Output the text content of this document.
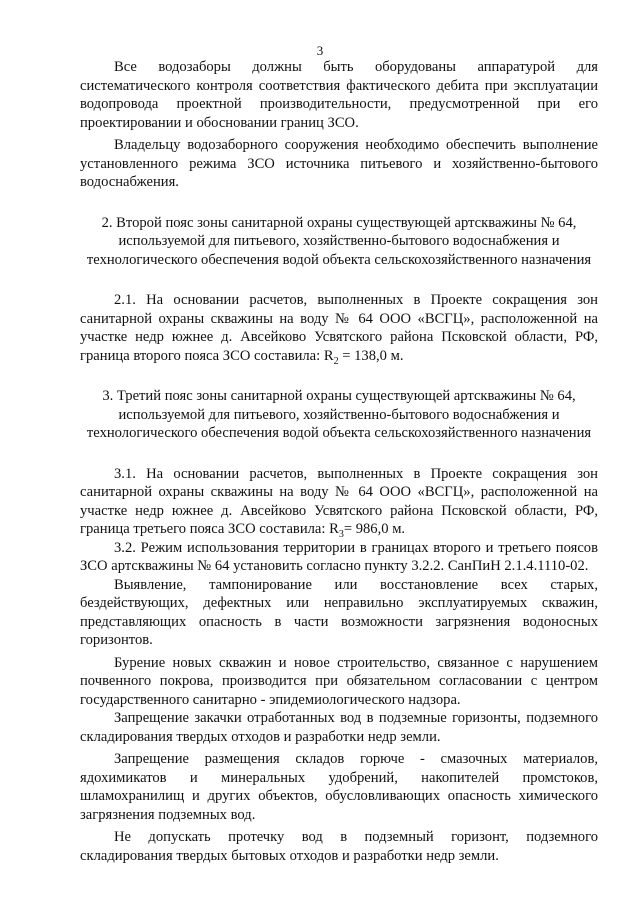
3

Все водозаборы должны быть оборудованы аппаратурой для систематического контроля соответствия фактического дебита при эксплуатации водопровода проектной производительности, предусмотренной при его проектировании и обосновании границ ЗСО.

Владельцу водозаборного сооружения необходимо обеспечить выполнение установленного режима ЗСО источника питьевого и хозяйственно-бытового водоснабжения.

2. Второй пояс зоны санитарной охраны существующей артскважины № 64, используемой для питьевого, хозяйственно-бытового водоснабжения и технологического обеспечения водой объекта сельскохозяйственного назначения

2.1. На основании расчетов, выполненных в Проекте сокращения зон санитарной охраны скважины на воду № 64 ООО «ВСГЦ», расположенной на участке недр южнее д. Авсейково Усвятского района Псковской области, РФ, граница второго пояса ЗСО составила: $R_2 = 138,0$ м.

3. Третий пояс зоны санитарной охраны существующей артскважины № 64, используемой для питьевого, хозяйственно-бытового водоснабжения и технологического обеспечения водой объекта сельскохозяйственного назначения

3.1. На основании расчетов, выполненных в Проекте сокращения зон санитарной охраны скважины на воду № 64 ООО «ВСГЦ», расположенной на участке недр южнее д. Авсейково Усвятского района Псковской области, РФ, граница третьего пояса ЗСО составила: $R_3= 986,0$ м.

3.2. Режим использования территории в границах второго и третьего поясов ЗСО артскважины № 64 установить согласно пункту 3.2.2. СанПиН 2.1.4.1110-02.

Выявление, тампонирование или восстановление всех старых, бездействующих, дефектных или неправильно эксплуатируемых скважин, представляющих опасность в части возможности загрязнения водоносных горизонтов.

Бурение новых скважин и новое строительство, связанное с нарушением почвенного покрова, производится при обязательном согласовании с центром государственного санитарно - эпидемиологического надзора.

Запрещение закачки отработанных вод в подземные горизонты, подземного складирования твердых отходов и разработки недр земли.

Запрещение размещения складов горюче - смазочных материалов, ядохимикатов и минеральных удобрений, накопителей промстоков, шламохранилищ и других объектов, обусловливающих опасность химического загрязнения подземных вод.

Не допускать протечку вод в подземный горизонт, подземного складирования твердых бытовых отходов и разработки недр земли.
